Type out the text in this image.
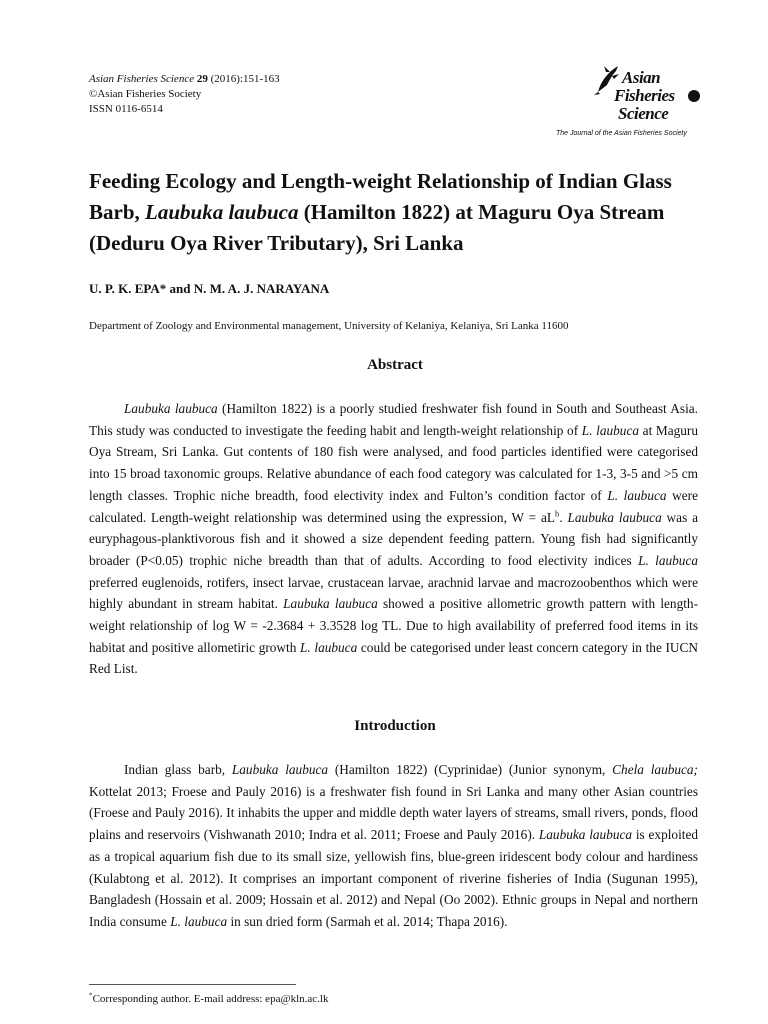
Asian Fisheries Science 29 (2016):151-163
©Asian Fisheries Society
ISSN 0116-6514
Asian
Fisheries
Science
The Journal of the Asian Fisheries Society
Feeding Ecology and Length-weight Relationship of Indian Glass Barb, Laubuka laubuca (Hamilton 1822) at Maguru Oya Stream (Deduru Oya River Tributary), Sri Lanka
U. P. K. EPA* and N. M. A. J. NARAYANA
Department of Zoology and Environmental management, University of Kelaniya, Kelaniya, Sri Lanka 11600
Abstract

Laubuka laubuca (Hamilton 1822) is a poorly studied freshwater fish found in South and Southeast Asia. This study was conducted to investigate the feeding habit and length-weight relationship of L. laubuca at Maguru Oya Stream, Sri Lanka. Gut contents of 180 fish were analysed, and food particles identified were categorised into 15 broad taxonomic groups. Relative abundance of each food category was calculated for 1-3, 3-5 and >5 cm length classes. Trophic niche breadth, food electivity index and Fulton’s condition factor of L. laubuca were calculated. Length-weight relationship was determined using the expression, $W = aL^b$. Laubuka laubuca was a euryphagous-planktivorous fish and it showed a size dependent feeding pattern. Young fish had significantly broader (P<0.05) trophic niche breadth than that of adults. According to food electivity indices L. laubuca preferred euglenoids, rotifers, insect larvae, crustacean larvae, arachnid larvae and macrozoobenthos which were highly abundant in stream habitat. Laubuka laubuca showed a positive allometric growth pattern with length-weight relationship of log W = -2.3684 + 3.3528 log TL. Due to high availability of preferred food items in its habitat and positive allometiric growth L. laubuca could be categorised under least concern category in the IUCN Red List.

Introduction

Indian glass barb, Laubuka laubuca (Hamilton 1822) (Cyprinidae) (Junior synonym, Chela laubuca; Kottelat 2013; Froese and Pauly 2016) is a freshwater fish found in Sri Lanka and many other Asian countries (Froese and Pauly 2016). It inhabits the upper and middle depth water layers of streams, small rivers, ponds, flood plains and reservoirs (Vishwanath 2010; Indra et al. 2011; Froese and Pauly 2016). Laubuka laubuca is exploited as a tropical aquarium fish due to its small size, yellowish fins, blue-green iridescent body colour and hardiness (Kulabtong et al. 2012). It comprises an important component of riverine fisheries of India (Sugunan 1995), Bangladesh (Hossain et al. 2009; Hossain et al. 2012) and Nepal (Oo 2002). Ethnic groups in Nepal and northern India consume L. laubuca in sun dried form (Sarmah et al. 2014; Thapa 2016).

*Corresponding author. E-mail address: epa@kln.ac.lk
